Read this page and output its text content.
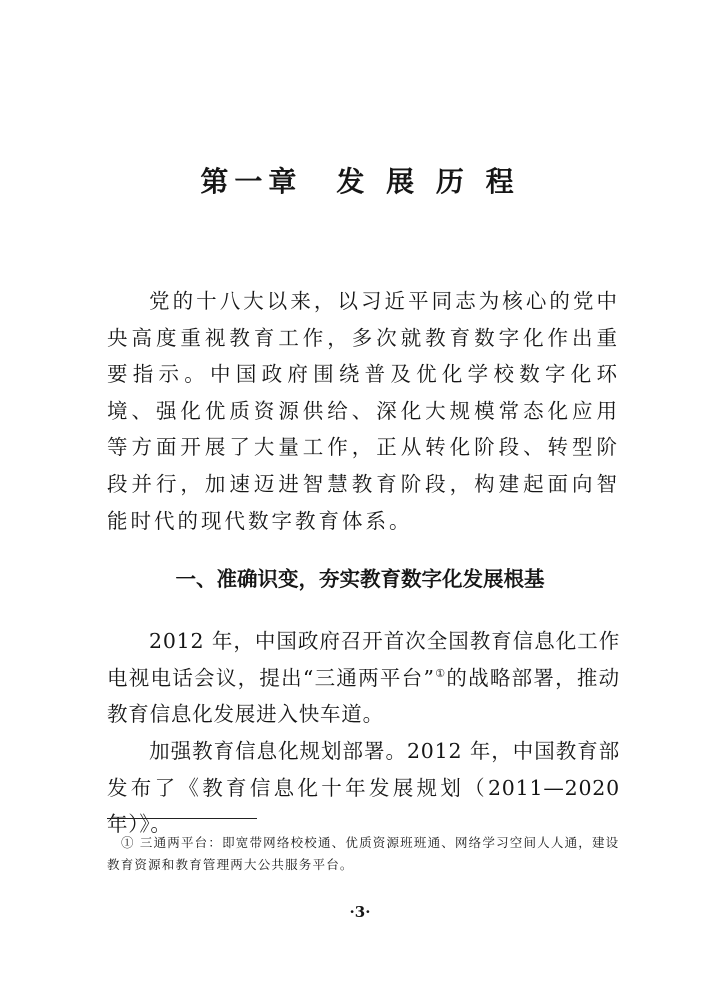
第一章　发 展 历 程

党的十八大以来，以习近平同志为核心的党中央高度重视教育工作，多次就教育数字化作出重要指示。中国政府围绕普及优化学校数字化环境、强化优质资源供给、深化大规模常态化应用等方面开展了大量工作，正从转化阶段、转型阶段并行，加速迈进智慧教育阶段，构建起面向智能时代的现代数字教育体系。

一、准确识变，夯实教育数字化发展根基

2012 年，中国政府召开首次全国教育信息化工作电视电话会议，提出“三通两平台”①的战略部署，推动教育信息化发展进入快车道。

加强教育信息化规划部署。2012 年，中国教育部发布了《教育信息化十年发展规划（2011—2020 年）》。

① 三通两平台：即宽带网络校校通、优质资源班班通、网络学习空间人人通，建设教育资源和教育管理两大公共服务平台。

·3·
